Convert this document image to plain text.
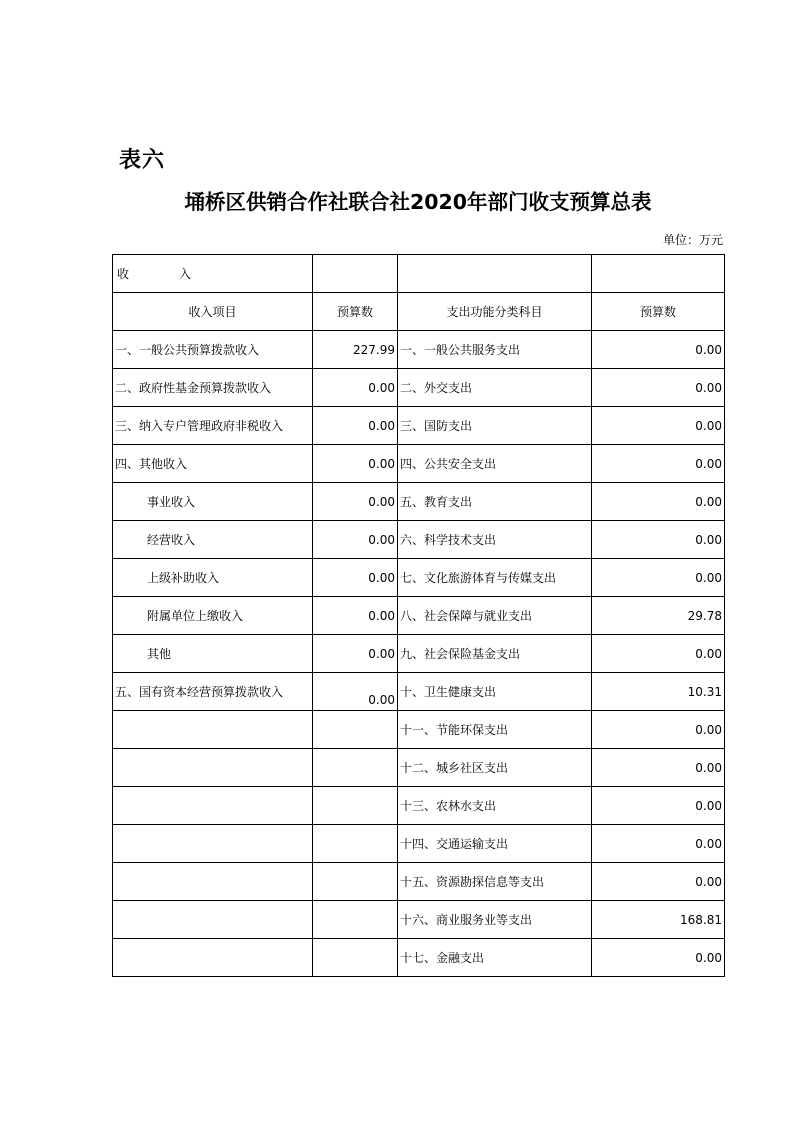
表六
埇桥区供销合作社联合社2020年部门收支预算总表
单位：万元
收 入			
收入项目	预算数	支出功能分类科目	预算数
一、一般公共预算拨款收入	227.99	一、一般公共服务支出	0.00
二、政府性基金预算拨款收入	0.00	二、外交支出	0.00
三、纳入专户管理政府非税收入	0.00	三、国防支出	0.00
四、其他收入	0.00	四、公共安全支出	0.00
事业收入	0.00	五、教育支出	0.00
经营收入	0.00	六、科学技术支出	0.00
上级补助收入	0.00	七、文化旅游体育与传媒支出	0.00
附属单位上缴收入	0.00	八、社会保障与就业支出	29.78
其他	0.00	九、社会保险基金支出	0.00
五、国有资本经营预算拨款收入	0.00	十、卫生健康支出	10.31
		十一、节能环保支出	0.00
		十二、城乡社区支出	0.00
		十三、农林水支出	0.00
		十四、交通运输支出	0.00
		十五、资源勘探信息等支出	0.00
		十六、商业服务业等支出	168.81
		十七、金融支出	0.00
